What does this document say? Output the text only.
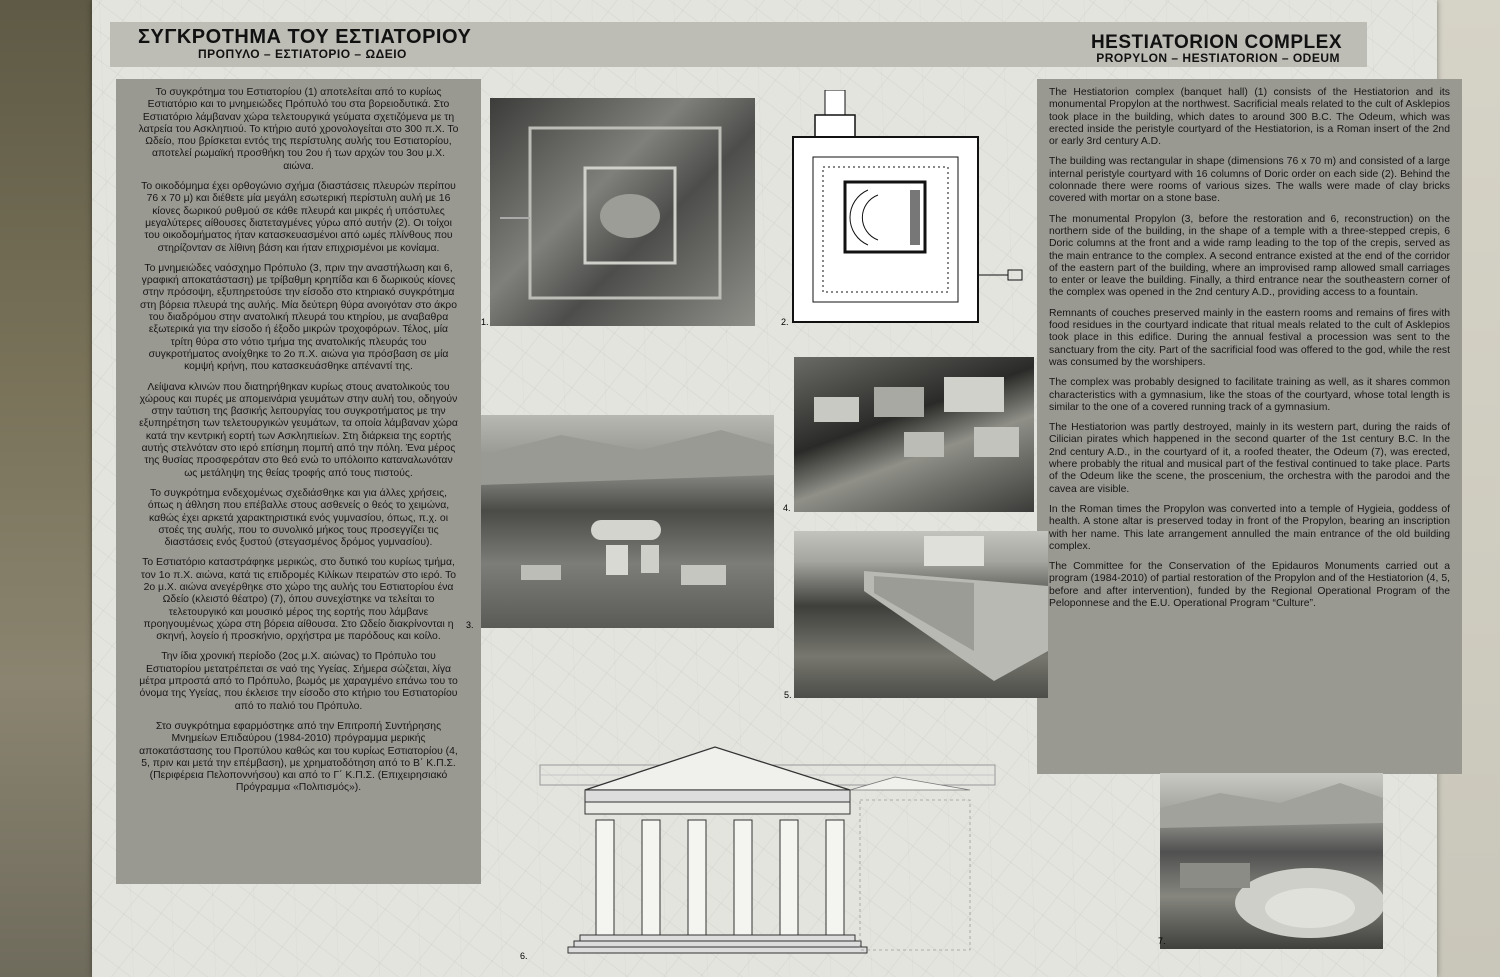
ΣΥΓΚΡΟΤΗΜΑ ΤΟΥ ΕΣΤΙΑΤΟΡΙΟΥ
ΠΡΟΠΥΛΟ – ΕΣΤΙΑΤΟΡΙΟ – ΩΔΕΙΟ
HESTIATORION COMPLEX
PROPYLON – HESTIATORION – ODEUM

Το συγκρότημα του Εστιατορίου (1) αποτελείται από το κυρίως Εστιατόριο και το μνημειώδες Πρόπυλό του στα βορειοδυτικά. Στο Εστιατόριο λάμβαναν χώρα τελετουργικά γεύματα σχετιζόμενα με τη λατρεία του Ασκληπιού. Το κτήριο αυτό χρονολογείται στο 300 π.Χ. Το Ωδείο, που βρίσκεται εντός της περίστυλης αυλής του Εστιατορίου, αποτελεί ρωμαϊκή προσθήκη του 2ου ή των αρχών του 3ου μ.Χ. αιώνα.

Το οικοδόμημα έχει ορθογώνιο σχήμα (διαστάσεις πλευρών περίπου 76 x 70 μ) και διέθετε μία μεγάλη εσωτερική περίστυλη αυλή με 16 κίονες δωρικού ρυθμού σε κάθε πλευρά και μικρές ή υπόστυλες μεγαλύτερες αίθουσες διατεταγμένες γύρω από αυτήν (2). Οι τοίχοι του οικοδομήματος ήταν κατασκευασμένοι από ωμές πλίνθους που στηρίζονταν σε λίθινη βάση και ήταν επιχρισμένοι με κονίαμα.

Το μνημειώδες ναόσχημο Πρόπυλο (3, πριν την αναστήλωση και 6, γραφική αποκατάσταση) με τρίβαθμη κρηπίδα και 6 δωρικούς κίονες στην πρόσοψη, εξυπηρετούσε την είσοδο στο κτηριακό συγκρότημα στη βόρεια πλευρά της αυλής. Μία δεύτερη θύρα ανοιγόταν στο άκρο του διαδρόμου στην ανατολική πλευρά του κτηρίου, με αναβαθρα εξωτερικά για την είσοδο ή έξοδο μικρών τροχοφόρων. Τέλος, μία τρίτη θύρα στο νότιο τμήμα της ανατολικής πλευράς του συγκροτήματος ανοίχθηκε το 2ο π.Χ. αιώνα για πρόσβαση σε μία κομψή κρήνη, που κατασκευάσθηκε απέναντί της.

Λείψανα κλινών που διατηρήθηκαν κυρίως στους ανατολικούς του χώρους και πυρές με απομεινάρια γευμάτων στην αυλή του, οδηγούν στην ταύτιση της βασικής λειτουργίας του συγκροτήματος με την εξυπηρέτηση των τελετουργικών γευμάτων, τα οποία λάμβαναν χώρα κατά την κεντρική εορτή των Ασκληπιείων. Στη διάρκεια της εορτής αυτής στελνόταν στο ιερό επίσημη πομπή από την πόλη. Ένα μέρος της θυσίας προσφερόταν στο θεό ενώ το υπόλοιπο καταναλωνόταν ως μετάληψη της θείας τροφής από τους πιστούς.

Το συγκρότημα ενδεχομένως σχεδιάσθηκε και για άλλες χρήσεις, όπως η άθληση που επέβαλλε στους ασθενείς ο θεός το χειμώνα, καθώς έχει αρκετά χαρακτηριστικά ενός γυμνασίου, όπως, π.χ. οι στοές της αυλής, που το συνολικό μήκος τους προσεγγίζει τις διαστάσεις ενός ξυστού (στεγασμένος δρόμος γυμνασίου).

Το Εστιατόριο καταστράφηκε μερικώς, στο δυτικό του κυρίως τμήμα, τον 1ο π.Χ. αιώνα, κατά τις επιδρομές Κιλίκων πειρατών στο ιερό. Το 2ο μ.Χ. αιώνα ανεγέρθηκε στο χώρο της αυλής του Εστιατορίου ένα Ωδείο (κλειστό θέατρο) (7), όπου συνεχίστηκε να τελείται το τελετουργικό και μουσικό μέρος της εορτής που λάμβανε προηγουμένως χώρα στη βόρεια αίθουσα. Στο Ωδείο διακρίνονται η σκηνή, λογείο ή προσκήνιο, ορχήστρα με παρόδους και κοίλο.

Την ίδια χρονική περίοδο (2ος μ.Χ. αιώνας) το Πρόπυλο του Εστιατορίου μετατρέπεται σε ναό της Υγείας. Σήμερα σώζεται, λίγα μέτρα μπροστά από το Πρόπυλο, βωμός με χαραγμένο επάνω του το όνομα της Υγείας, που έκλεισε την είσοδο στο κτήριο του Εστιατορίου από το παλιό του Πρόπυλο.

Στο συγκρότημα εφαρμόστηκε από την Επιτροπή Συντήρησης Μνημείων Επιδαύρου (1984-2010) πρόγραμμα μερικής αποκατάστασης του Προπύλου καθώς και του κυρίως Εστιατορίου (4, 5, πριν και μετά την επέμβαση), με χρηματοδότηση από το Β΄ Κ.Π.Σ. (Περιφέρεια Πελοποννήσου) και από το Γ΄ Κ.Π.Σ. (Επιχειρησιακό Πρόγραμμα «Πολιτισμός»).

The Hestiatorion complex (banquet hall) (1) consists of the Hestiatorion and its monumental Propylon at the northwest. Sacrificial meals related to the cult of Asklepios took place in the building, which dates to around 300 B.C. The Odeum, which was erected inside the peristyle courtyard of the Hestiatorion, is a Roman insert of the 2nd or early 3rd century A.D.

The building was rectangular in shape (dimensions 76 x 70 m) and consisted of a large internal peristyle courtyard with 16 columns of Doric order on each side (2). Behind the colonnade there were rooms of various sizes. The walls were made of clay bricks covered with mortar on a stone base.

The monumental Propylon (3, before the restoration and 6, reconstruction) on the northern side of the building, in the shape of a temple with a three-stepped crepis, 6 Doric columns at the front and a wide ramp leading to the top of the crepis, served as the main entrance to the complex. A second entrance existed at the end of the corridor of the eastern part of the building, where an improvised ramp allowed small carriages to enter or leave the building. Finally, a third entrance near the southeastern corner of the complex was opened in the 2nd century A.D., providing access to a fountain.

Remnants of couches preserved mainly in the eastern rooms and remains of fires with food residues in the courtyard indicate that ritual meals related to the cult of Asklepios took place in this edifice. During the annual festival a procession was sent to the sanctuary from the city. Part of the sacrificial food was offered to the god, while the rest was consumed by the worshipers.

The complex was probably designed to facilitate training as well, as it shares common characteristics with a gymnasium, like the stoas of the courtyard, whose total length is similar to the one of a covered running track of a gymnasium.

The Hestiatorion was partly destroyed, mainly in its western part, during the raids of Cilician pirates which happened in the second quarter of the 1st century B.C. In the 2nd century A.D., in the courtyard of it, a roofed theater, the Odeum (7), was erected, where probably the ritual and musical part of the festival continued to take place. Parts of the Odeum like the scene, the proscenium, the orchestra with the parodoi and the cavea are visible.

In the Roman times the Propylon was converted into a temple of Hygieia, goddess of health. A stone altar is preserved today in front of the Propylon, bearing an inscription with her name. This late arrangement annulled the main entrance of the old building complex.

The Committee for the Conservation of the Epidauros Monuments carried out a program (1984-2010) of partial restoration of the Propylon and of the Hestiatorion (4, 5, before and after intervention), funded by the Regional Operational Program of the Peloponnese and the E.U. Operational Program “Culture”.

1.	2.
3.
4.
5.
6.
7.
